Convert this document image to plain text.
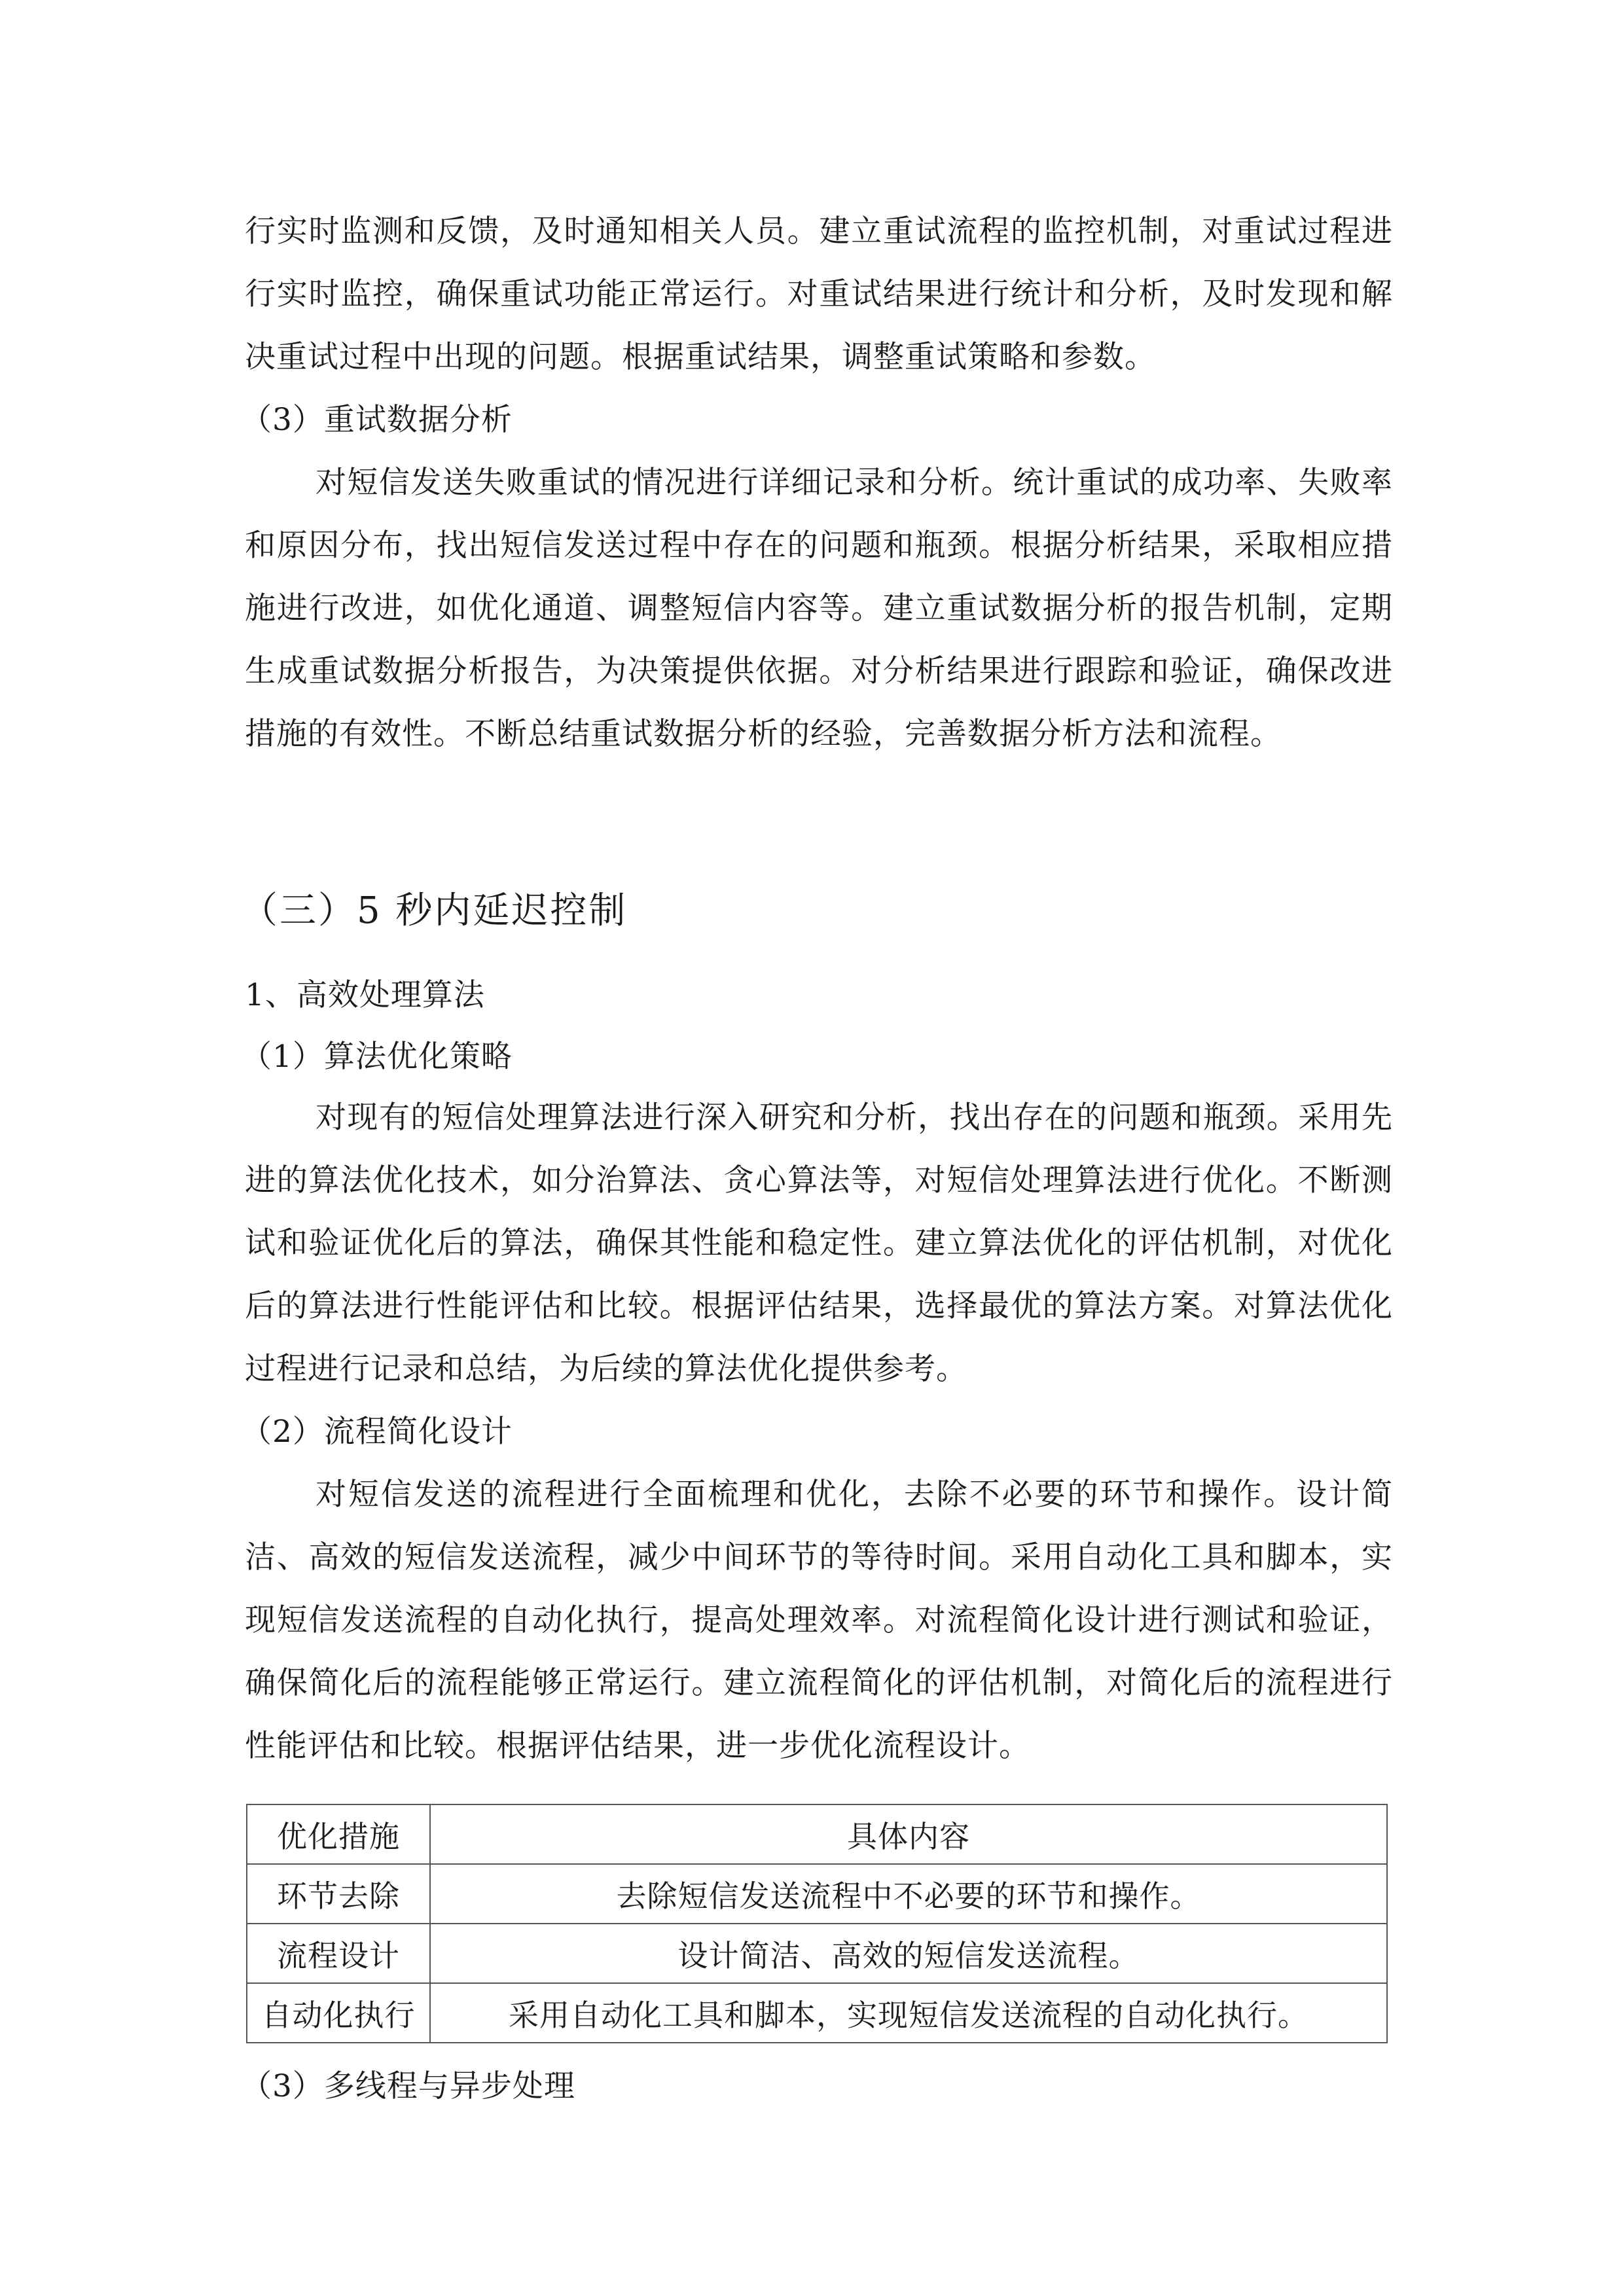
行实时监测和反馈，及时通知相关人员。建立重试流程的监控机制，对重试过程进行实时监控，确保重试功能正常运行。对重试结果进行统计和分析，及时发现和解决重试过程中出现的问题。根据重试结果，调整重试策略和参数。

（3）重试数据分析

对短信发送失败重试的情况进行详细记录和分析。统计重试的成功率、失败率和原因分布，找出短信发送过程中存在的问题和瓶颈。根据分析结果，采取相应措施进行改进，如优化通道、调整短信内容等。建立重试数据分析的报告机制，定期生成重试数据分析报告，为决策提供依据。对分析结果进行跟踪和验证，确保改进措施的有效性。不断总结重试数据分析的经验，完善数据分析方法和流程。

（三）5 秒内延迟控制

1、高效处理算法

（1）算法优化策略

对现有的短信处理算法进行深入研究和分析，找出存在的问题和瓶颈。采用先进的算法优化技术，如分治算法、贪心算法等，对短信处理算法进行优化。不断测试和验证优化后的算法，确保其性能和稳定性。建立算法优化的评估机制，对优化后的算法进行性能评估和比较。根据评估结果，选择最优的算法方案。对算法优化过程进行记录和总结，为后续的算法优化提供参考。

（2）流程简化设计

对短信发送的流程进行全面梳理和优化，去除不必要的环节和操作。设计简洁、高效的短信发送流程，减少中间环节的等待时间。采用自动化工具和脚本，实现短信发送流程的自动化执行，提高处理效率。对流程简化设计进行测试和验证，确保简化后的流程能够正常运行。建立流程简化的评估机制，对简化后的流程进行性能评估和比较。根据评估结果，进一步优化流程设计。

优化措施	具体内容
环节去除	去除短信发送流程中不必要的环节和操作。
流程设计	设计简洁、高效的短信发送流程。
自动化执行	采用自动化工具和脚本，实现短信发送流程的自动化执行。

（3）多线程与异步处理
